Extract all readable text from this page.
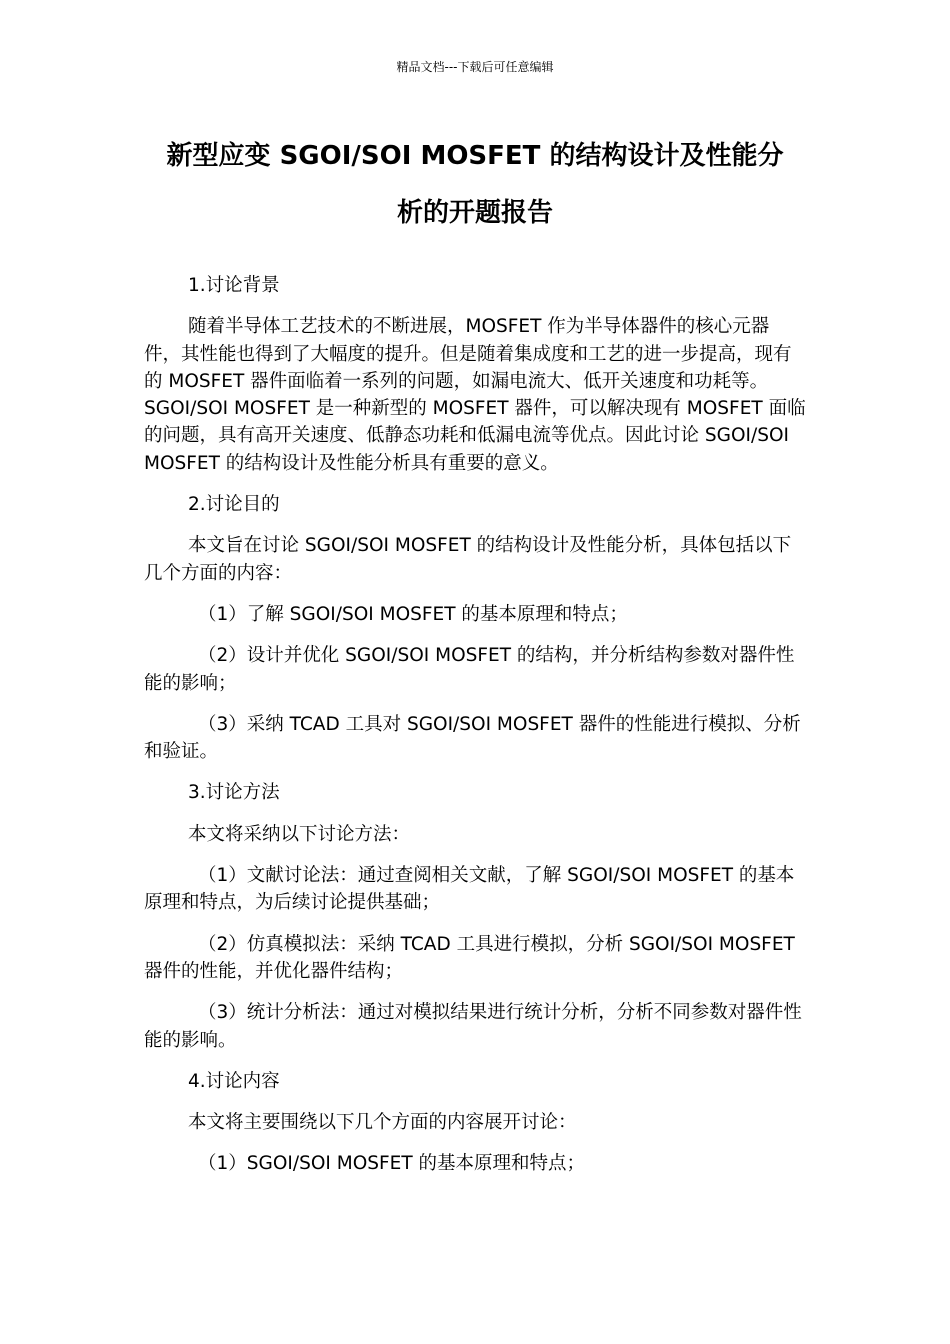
精品文档---下载后可任意编辑
新型应变 SGOI/SOI MOSFET 的结构设计及性能分
析的开题报告

1.讨论背景

随着半导体工艺技术的不断进展，MOSFET 作为半导体器件的核心元器件，其性能也得到了大幅度的提升。但是随着集成度和工艺的进一步提高，现有的 MOSFET 器件面临着一系列的问题，如漏电流大、低开关速度和功耗等。SGOI/SOI MOSFET 是一种新型的 MOSFET 器件，可以解决现有 MOSFET 面临的问题，具有高开关速度、低静态功耗和低漏电流等优点。因此讨论 SGOI/SOI MOSFET 的结构设计及性能分析具有重要的意义。

2.讨论目的

本文旨在讨论 SGOI/SOI MOSFET 的结构设计及性能分析，具体包括以下几个方面的内容：

（1）了解 SGOI/SOI MOSFET 的基本原理和特点；

（2）设计并优化 SGOI/SOI MOSFET 的结构，并分析结构参数对器件性能的影响；

（3）采纳 TCAD 工具对 SGOI/SOI MOSFET 器件的性能进行模拟、分析和验证。

3.讨论方法

本文将采纳以下讨论方法：

（1）文献讨论法：通过查阅相关文献，了解 SGOI/SOI MOSFET 的基本原理和特点，为后续讨论提供基础；

（2）仿真模拟法：采纳 TCAD 工具进行模拟，分析 SGOI/SOI MOSFET 器件的性能，并优化器件结构；

（3）统计分析法：通过对模拟结果进行统计分析，分析不同参数对器件性能的影响。

4.讨论内容

本文将主要围绕以下几个方面的内容展开讨论：

（1）SGOI/SOI MOSFET 的基本原理和特点；
